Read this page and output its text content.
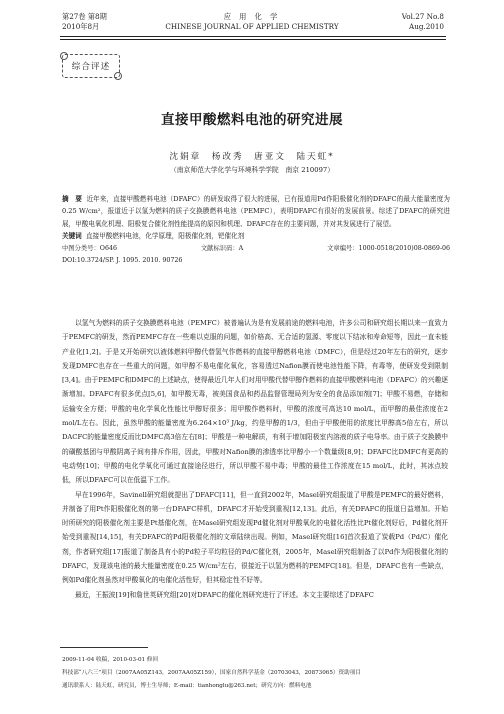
第27卷 第8期
2010年8月
应 用 化 学
CHINESE JOURNAL OF APPLIED CHEMISTRY
Vol.27 No.8
Aug.2010
综合评述
直接甲酸燃料电池的研究进展
沈娟章　杨改秀　唐亚文　陆天虹*
（南京师范大学化学与环境科学学院　南京 210097）
摘　要 近年来，直接甲酸燃料电池（DFAFC）的研发取得了很大的进展，已有报道用Pd作阳极催化剂的DFAFC的最大能量密度为0.25 W/cm²，报道近于以氢为燃料的质子交换膜燃料电池（PEMFC），表明DFAFC有很好的发展前景。综述了DFAFC的研究进展，甲酸电氧化机理、阳极复合催化剂性能提高的原因和机理、DFAFC存在的主要问题，并对其发展进行了展望。
关键词 直接甲酸燃料电池，化学原理，阳极催化剂，钯催化剂
中图分类号：O646	文献标识码：A	文章编号：1000-0518(2010)08-0869-06
DOI:10.3724/SP. J. 1095. 2010. 90726

以氢气为燃料的质子交换膜燃料电池（PEMFC）被普遍认为是有发展前途的燃料电池，许多公司和研究组长期以来一直致力于PEMFC的研发，然而PEMFC存在一些难以克服的问题，如价格高、无合适的氢源、零度以下结冰和寿命短等，因此一直未能产业化[1,2]。于是又开始研究以液体燃料甲醇代替氢气作燃料的直接甲醇燃料电池（DMFC），但是经过20年左右的研究，逐步发现DMFC也存在一些重大的问题，如甲醇不易电催化氧化，容易透过Nafion膜而使电池性能下降，有毒等，使研发受到限制[3,4]。由于PEMFC和DMFC的上述缺点，使得最近几年人们对用甲酸代替甲醇作燃料的直接甲酸燃料电池（DFAFC）的兴趣逐渐增加。DFAFC有很多优点[5,6]，如甲酸无毒，被美国食品和药品监督管理局列为安全的食品添加剂[7]；甲酸不易燃，存储和运输安全方便；甲酸的电化学氧化性能比甲醇好很多；用甲酸作燃料时，甲酸的浓度可高达10 mol/L，而甲醇的最佳浓度在2 mol/L左右。因此，虽然甲酸的能量密度为6.264×10³ J/kg，约是甲醇的1/3，但由于甲酸使用的浓度比甲醇高5倍左右，所以DACFC的能量密度反而比DMFC高3倍左右[8]；甲酸是一种电解质，有利于增加阳极室内溶液的质子电导率。由于质子交换膜中的磺酸基团与甲酸阴离子间有排斥作用，因此，甲酸对Nafion膜的渗透率比甲醇小一个数量级[8,9]；DFAFC比DMFC有更高的电动势[10]；甲酸的电化学氧化可通过直接途径进行，所以甲酸不易中毒；甲酸的最佳工作浓度在15 mol/L，此时，其冰点较低，所以DFAFC可以在低温下工作。

早在1996年，Savinell研究组就提出了DFAFC[11]，但一直到2002年，Masel研究组报道了甲酸是PEMFC的最好燃料，并制备了用Pt作阳极催化剂的第一台DFAFC样机，DFAFC才开始受到重视[12,13]。此后，有关DFAFC的报道日益增加。开始时所研究的阳极催化剂主要是Pt基催化剂，在Masel研究组发现Pd催化剂对甲酸氧化的电催化活性比Pt催化剂好后，Pd催化剂开始受到重视[14,15]，有关DFAFC的Pd阳极催化剂的文章陆续出现。例如，Masel研究组[16]首次报道了炭载Pd（Pd/C）催化剂，作者研究组[17]报道了制备具有小的Pd粒子平均粒径的Pd/C催化剂，2005年，Masel研究组制备了以Pd作为阳极催化剂的DFAFC，发现该电池的最大能量密度在0.25 W/cm²左右，很接近于以氢为燃料的PEMFC[18]。但是，DFAFC也有一些缺点，例如Pd催化剂虽然对甲酸氧化的电催化活性好，但其稳定性不好等。

最近，王振波[19]和詹世英研究组[20]对DFAFC的催化剂研究进行了评述。本文主要综述了DFAFC

2009-11-04 收稿，2010-03-01 修回
科技部“八六三”项目（2007AA05Z143，2007AA05Z159），国家自然科学基金（20703043，20873065）资助项目
通讯联系人：陆天虹，研究员，博士生导师；E-mail：tianhonglu@263.net；研究方向：燃料电池
